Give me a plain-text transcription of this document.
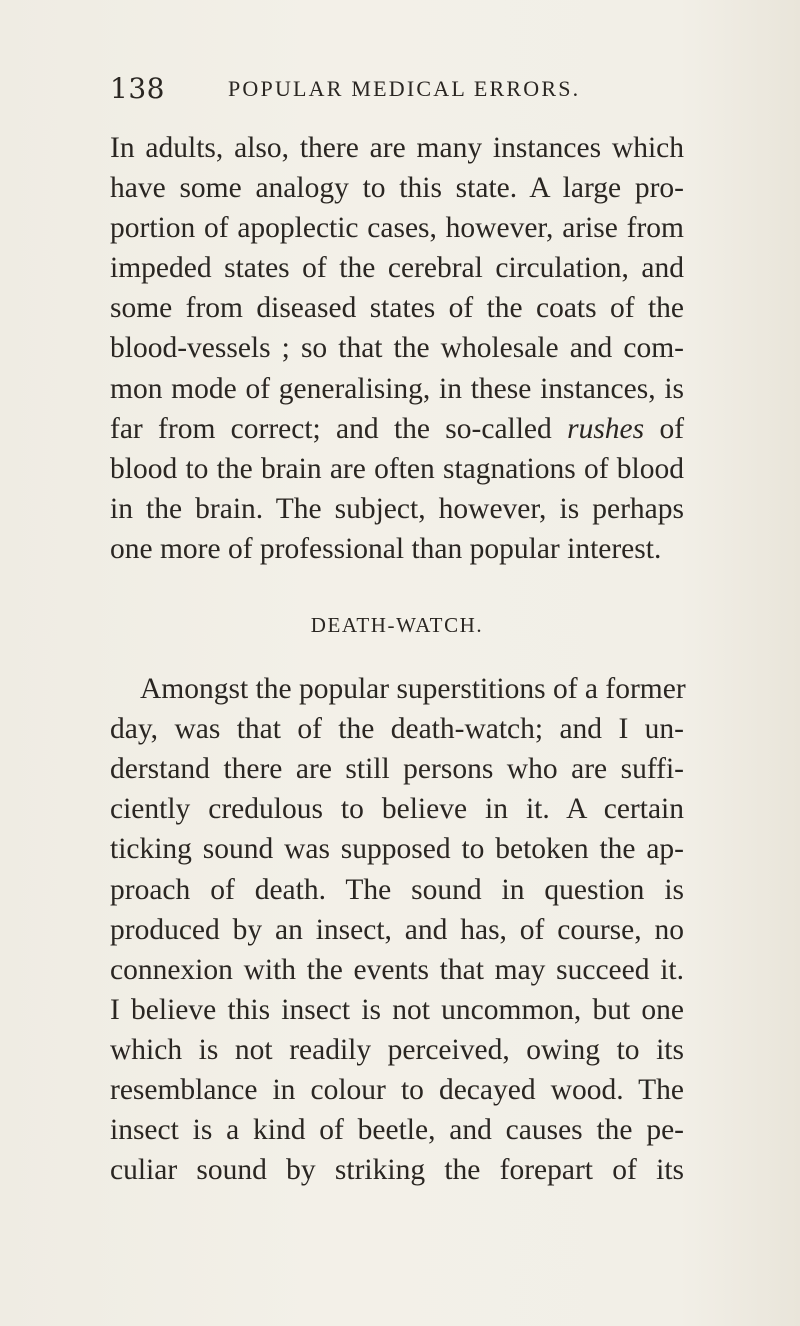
138	POPULAR MEDICAL ERRORS.
In adults, also, there are many instances which
have some analogy to this state. A large pro-
portion of apoplectic cases, however, arise from
impeded states of the cerebral circulation, and
some from diseased states of the coats of the
blood-vessels ; so that the wholesale and com-
mon mode of generalising, in these instances, is
far from correct; and the so-called rushes of
blood to the brain are often stagnations of blood
in the brain. The subject, however, is perhaps
one more of professional than popular interest.
DEATH-WATCH.
Amongst the popular superstitions of a former
day, was that of the death-watch; and I un-
derstand there are still persons who are suffi-
ciently credulous to believe in it. A certain
ticking sound was supposed to betoken the ap-
proach of death. The sound in question is
produced by an insect, and has, of course, no
connexion with the events that may succeed it.
I believe this insect is not uncommon, but one
which is not readily perceived, owing to its
resemblance in colour to decayed wood. The
insect is a kind of beetle, and causes the pe-
culiar sound by striking the forepart of its
